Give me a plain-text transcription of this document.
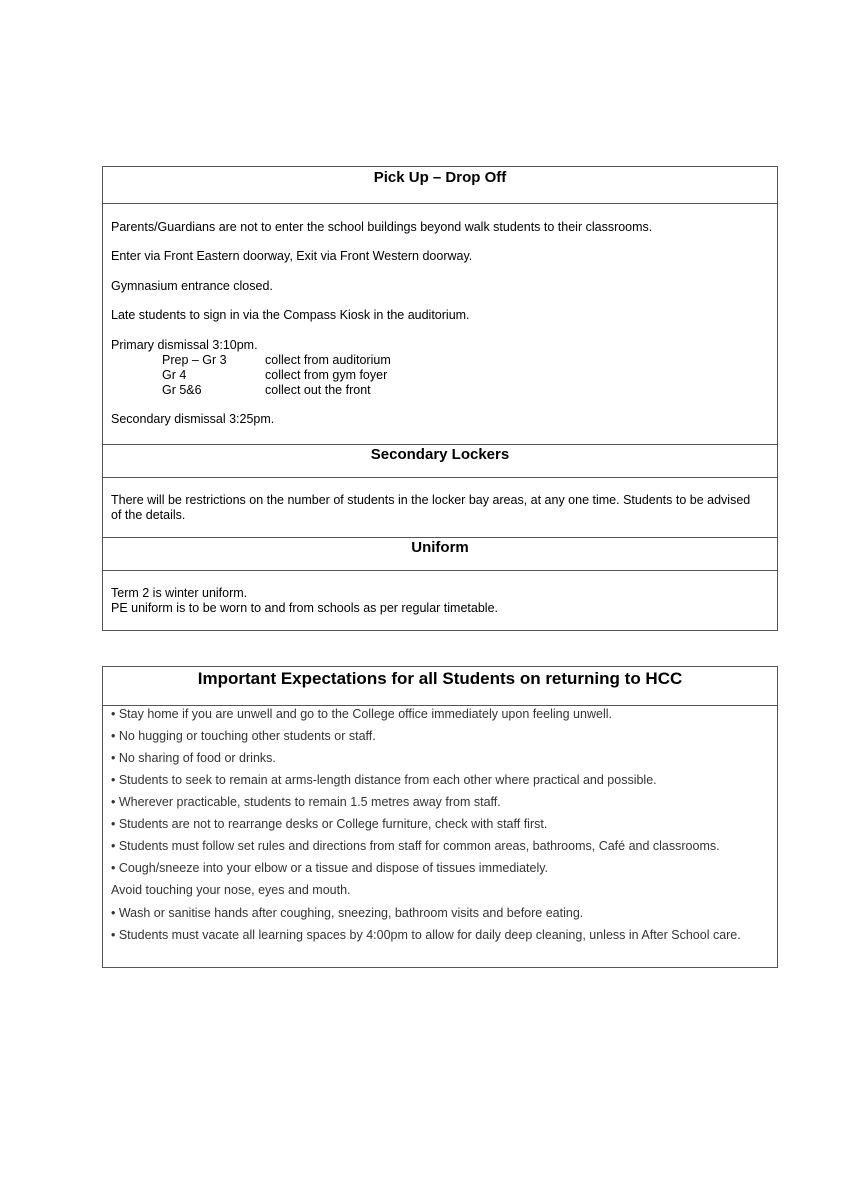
Pick Up – Drop Off
Parents/Guardians are not to enter the school buildings beyond walk students to their classrooms.
Enter via Front Eastern doorway, Exit via Front Western doorway.
Gymnasium entrance closed.
Late students to sign in via the Compass Kiosk in the auditorium.
Primary dismissal 3:10pm.
Prep – Gr 3	collect from auditorium
Gr 4	collect from gym foyer
Gr 5&6	collect out the front
Secondary dismissal 3:25pm.
Secondary Lockers
There will be restrictions on the number of students in the locker bay areas, at any one time. Students to be advised
of the details.
Uniform
Term 2 is winter uniform.
PE uniform is to be worn to and from schools as per regular timetable.
Important Expectations for all Students on returning to HCC
• Stay home if you are unwell and go to the College office immediately upon feeling unwell.
• No hugging or touching other students or staff.
• No sharing of food or drinks.
• Students to seek to remain at arms-length distance from each other where practical and possible.
• Wherever practicable, students to remain 1.5 metres away from staff.
• Students are not to rearrange desks or College furniture, check with staff first.
• Students must follow set rules and directions from staff for common areas, bathrooms, Café and classrooms.
• Cough/sneeze into your elbow or a tissue and dispose of tissues immediately.
Avoid touching your nose, eyes and mouth.
• Wash or sanitise hands after coughing, sneezing, bathroom visits and before eating.
• Students must vacate all learning spaces by 4:00pm to allow for daily deep cleaning, unless in After School care.
